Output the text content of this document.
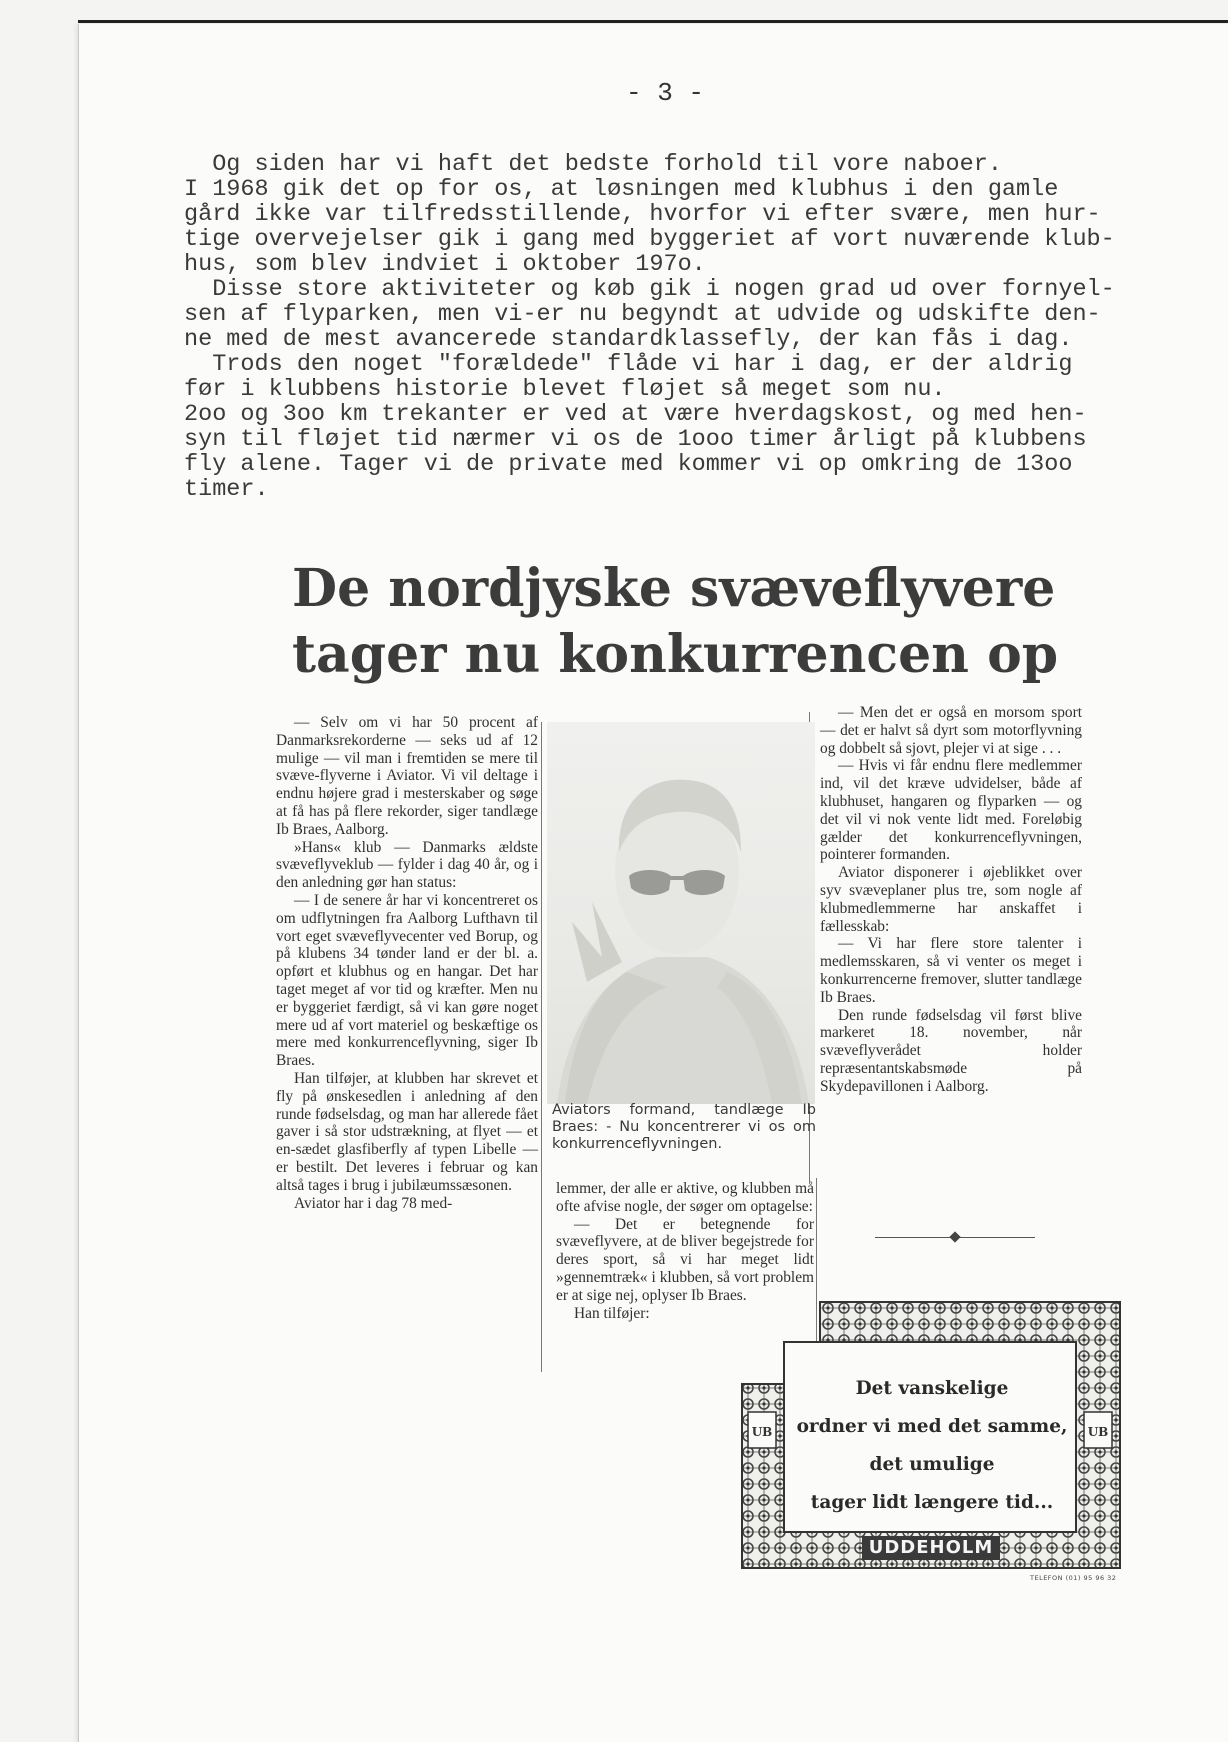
- 3 -

Og siden har vi haft det bedste forhold til vore naboer.

I 1968 gik det op for os, at løsningen med klubhus i den gamle

gård ikke var tilfredsstillende, hvorfor vi efter svære, men hur-

tige overvejelser gik i gang med byggeriet af vort nuværende klub-

hus, som blev indviet i oktober 197o.

Disse store aktiviteter og køb gik i nogen grad ud over fornyel-

sen af flyparken, men vi-er nu begyndt at udvide og udskifte den-

ne med de mest avancerede standardklassefly, der kan fås i dag.

Trods den noget "forældede" flåde vi har i dag, er der aldrig

før i klubbens historie blevet fløjet så meget som nu.

2oo og 3oo km trekanter er ved at være hverdagskost, og med hen-

syn til fløjet tid nærmer vi os de 1ooo timer årligt på klubbens

fly alene. Tager vi de private med kommer vi op omkring de 13oo

timer.

De nordjyske svæveflyvere
tager nu konkurrencen op

— Selv om vi har 50 procent af Danmarksrekorderne — seks ud af 12 mulige — vil man i fremtiden se mere til svæve-flyverne i Aviator. Vi vil deltage i endnu højere grad i mesterskaber og søge at få has på flere rekorder, siger tandlæge Ib Braes, Aalborg.

»Hans« klub — Danmarks ældste svæveflyveklub — fylder i dag 40 år, og i den anledning gør han status:

— I de senere år har vi koncentreret os om udflytningen fra Aalborg Lufthavn til vort eget svæveflyvecenter ved Borup, og på klubens 34 tønder land er der bl. a. opført et klubhus og en hangar. Det har taget meget af vor tid og kræfter. Men nu er byggeriet færdigt, så vi kan gøre noget mere ud af vort materiel og beskæftige os mere med konkurrenceflyvning, siger Ib Braes.

Han tilføjer, at klubben har skrevet et fly på ønskesedlen i anledning af den runde fødselsdag, og man har allerede fået gaver i så stor udstrækning, at flyet — et en-sædet glasfiberfly af typen Libelle — er bestilt. Det leveres i februar og kan altså tages i brug i jubilæumssæsonen.

Aviator har i dag 78 med-

Aviators formand, tandlæge Ib Braes: - Nu koncentrerer vi os om konkurrenceflyvningen.

lemmer, der alle er aktive, og klubben må ofte afvise nogle, der søger om optagelse:

— Det er betegnende for svæveflyvere, at de bliver begejstrede for deres sport, så vi har meget lidt »gennemtræk« i klubben, så vort problem er at sige nej, oplyser Ib Braes.

Han tilføjer:

— Men det er også en morsom sport — det er halvt så dyrt som motorflyvning og dobbelt så sjovt, plejer vi at sige . . .

— Hvis vi får endnu flere medlemmer ind, vil det kræve udvidelser, både af klubhuset, hangaren og flyparken — og det vil vi nok vente lidt med. Foreløbig gælder det konkurrenceflyvningen, pointerer formanden.

Aviator disponerer i øjeblikket over syv svæveplaner plus tre, som nogle af klubmedlemmerne har anskaffet i fællesskab:

— Vi har flere store talenter i medlemsskaren, så vi venter os meget i konkurrencerne fremover, slutter tandlæge Ib Braes.

Den runde fødselsdag vil først blive markeret 18. november, når svæveflyverådet holder repræsentantskabsmøde på Skydepavillonen i Aalborg.

UB	UB
Det vanskelige
ordner vi med det samme,
det umulige
tager lidt længere tid...
UDDEHOLM
TELEFON (01) 95 96 32
